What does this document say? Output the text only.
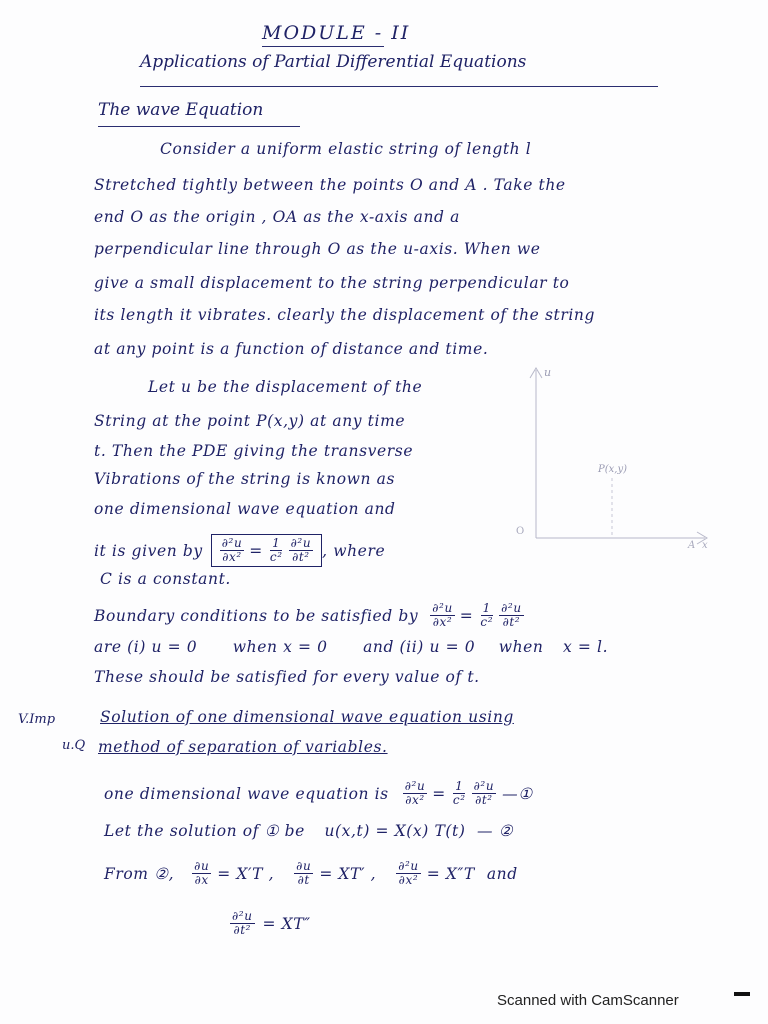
MODULE - II
Applications of Partial Differential Equations
The wave Equation
Consider a uniform elastic string of length l
Stretched tightly between the points O and A . Take the
end O as the origin , OA as the x-axis and a
perpendicular line through O as the u-axis. When we
give a small displacement to the string perpendicular to
its length it vibrates. clearly the displacement of the string
at any point is a function of distance and time.
Let u be the displacement of the
String at the point P(x,y) at any time
t. Then the PDE giving the transverse
Vibrations of the string is known as
one dimensional wave equation and
u
P(x,y)
O
A x
it is given by $\frac{\text{∂²u}}{\text{∂x²}} = \frac{1}{\text{c²}} \frac{\text{∂²u}}{\text{∂t²}}$ , where
C is a constant.
Boundary conditions to be satisfied by $\frac{\text{∂²u}}{\text{∂x²}} = \frac{1}{\text{c²}} \frac{\text{∂²u}}{\text{∂t²}}$
are (i) u = 0 when x = 0 and (ii) u = 0 when x = l.
These should be satisfied for every value of t.
V.Imp
u.Q
Solution of one dimensional wave equation using
method of separation of variables.
one dimensional wave equation is $\frac{\text{∂²u}}{\text{∂x²}} = \frac{1}{\text{c²}} \frac{\text{∂²u}}{\text{∂t²}}$ — ①
Let the solution of ① be u(x,t) = X(x) T(t) — ②
From ②, $\frac{\partial u}{\partial x} = X'T$ , $\frac{\partial u}{\partial t} = XT'$ , $\frac{\text{∂²u}}{\text{∂x²}} = X''T$ and
$\frac{\text{∂²u}}{\text{∂t²}} = XT''$
Scanned with CamScanner
